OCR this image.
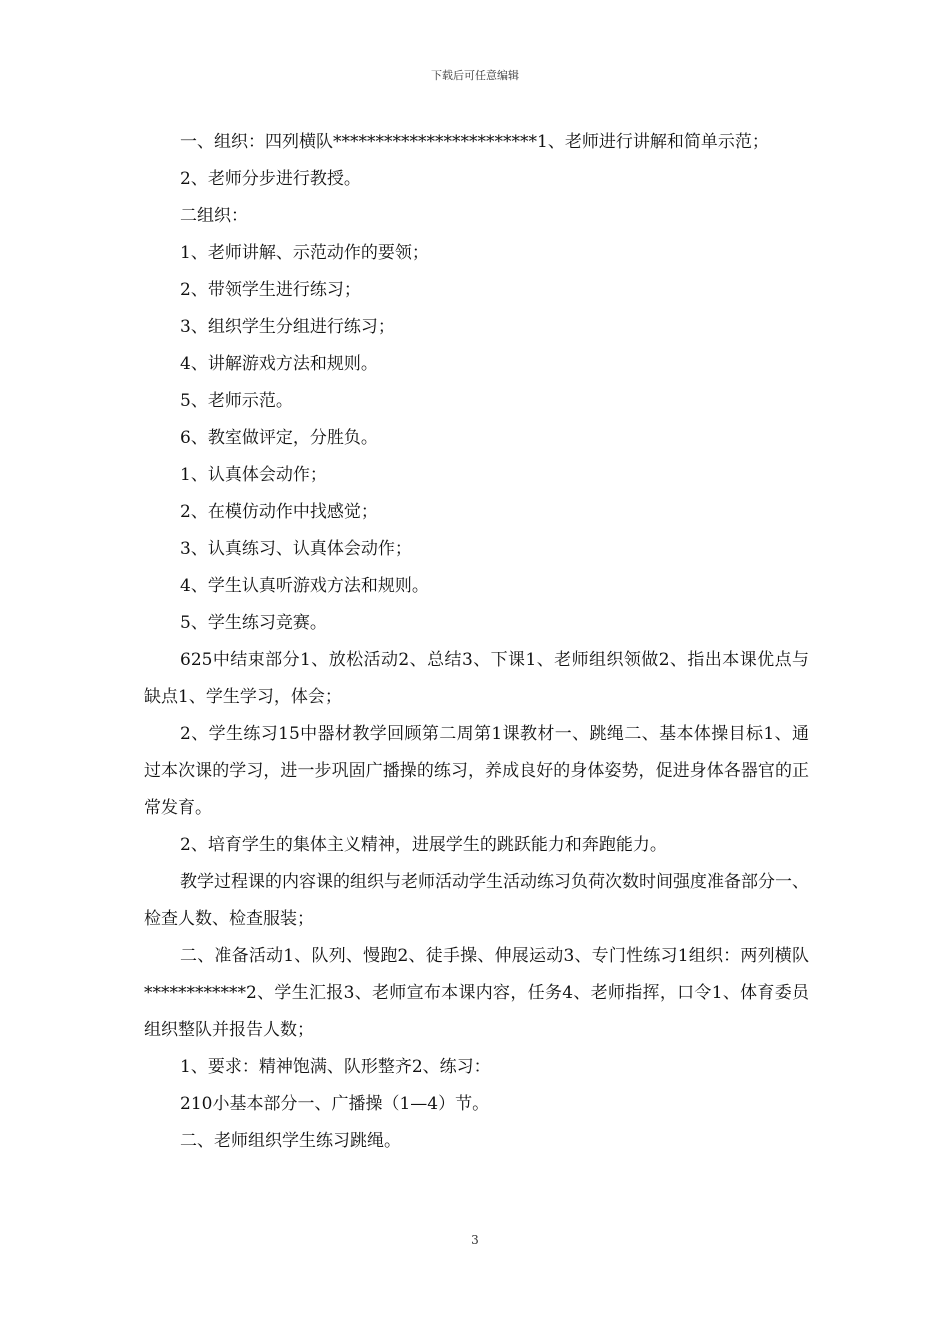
下载后可任意编辑

一、组织：四列横队************************1、老师进行讲解和简单示范；

2、老师分步进行教授。

二组织：

1、老师讲解、示范动作的要领；

2、带领学生进行练习；

3、组织学生分组进行练习；

4、讲解游戏方法和规则。

5、老师示范。

6、教室做评定，分胜负。

1、认真体会动作；

2、在模仿动作中找感觉；

3、认真练习、认真体会动作；

4、学生认真听游戏方法和规则。

5、学生练习竞赛。

625中结束部分1、放松活动2、总结3、下课1、老师组织领做2、指出本课优点与缺点1、学生学习，体会；

2、学生练习15中器材教学回顾第二周第1课教材一、跳绳二、基本体操目标1、通过本次课的学习，进一步巩固广播操的练习，养成良好的身体姿势，促进身体各器官的正常发育。

2、培育学生的集体主义精神，进展学生的跳跃能力和奔跑能力。

教学过程课的内容课的组织与老师活动学生活动练习负荷次数时间强度准备部分一、检查人数、检查服装；

二、准备活动1、队列、慢跑2、徒手操、伸展运动3、专门性练习1组织：两列横队************2、学生汇报3、老师宣布本课内容，任务4、老师指挥，口令1、体育委员组织整队并报告人数；

1、要求：精神饱满、队形整齐2、练习：

210小基本部分一、广播操（1—4）节。

二、老师组织学生练习跳绳。

3
